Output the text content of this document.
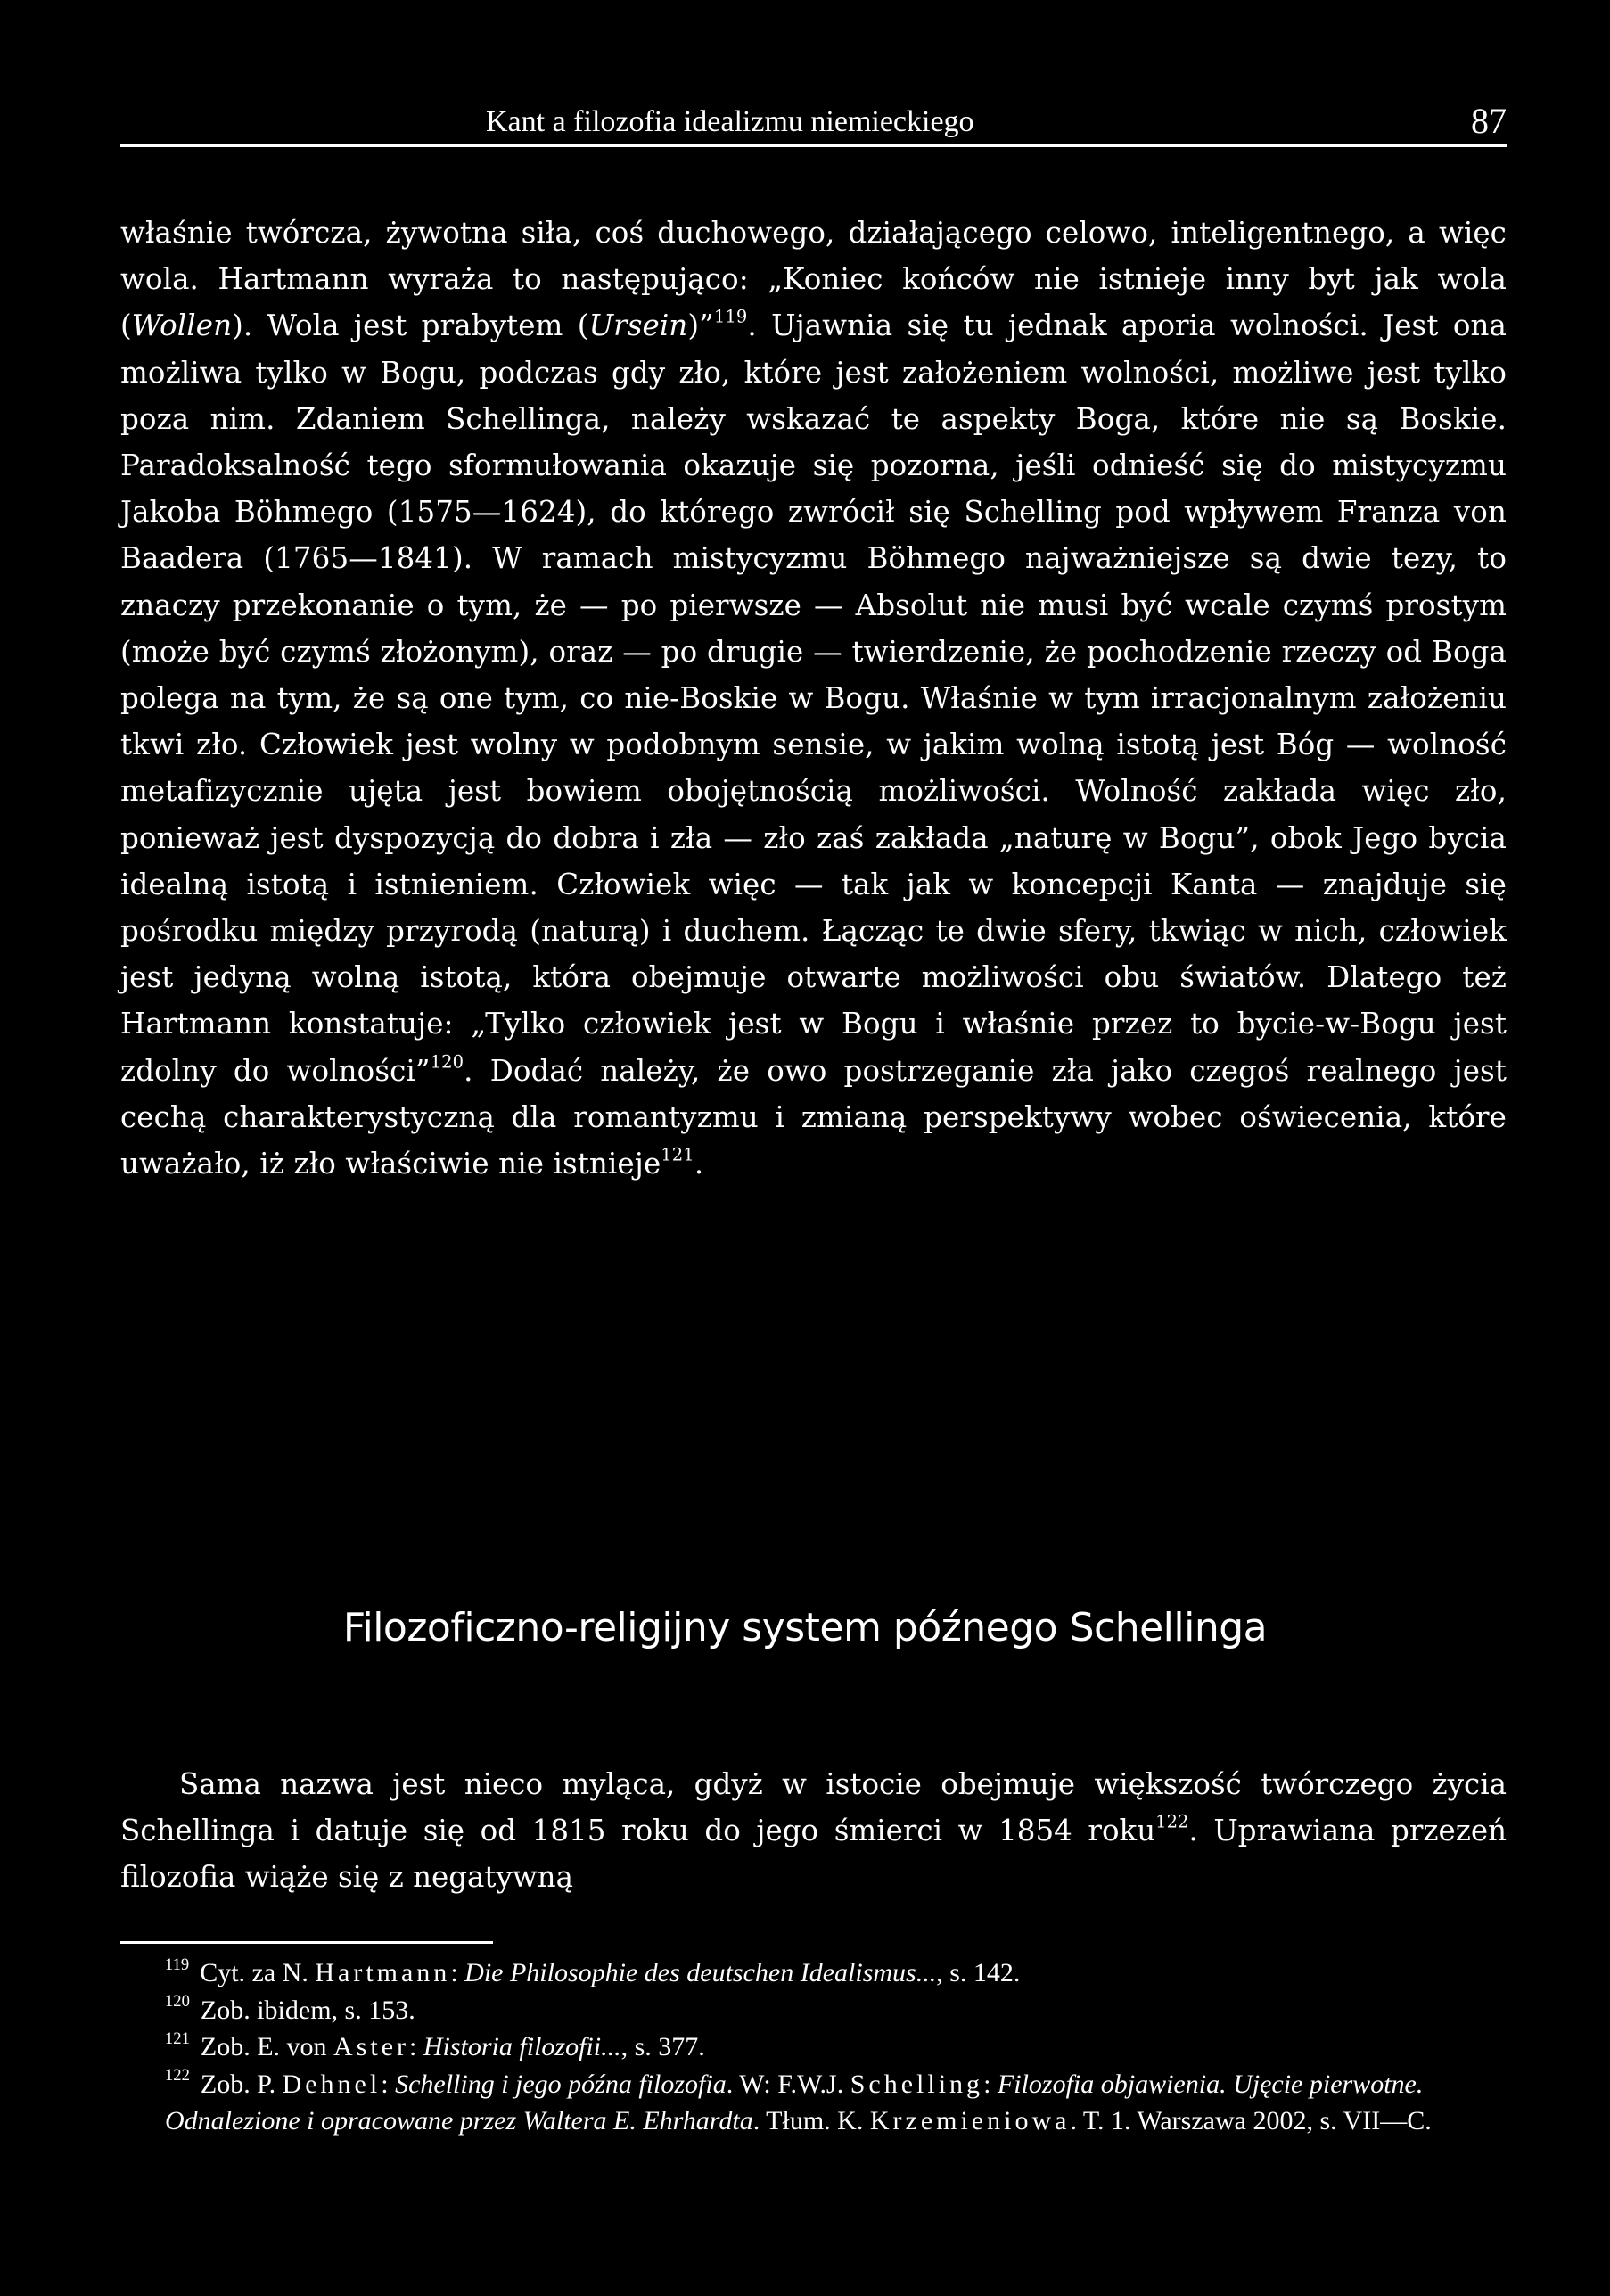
Kant a filozofia idealizmu niemieckiego	87

właśnie twórcza, żywotna siła, coś duchowego, działającego celowo, inteligentnego, a więc wola. Hartmann wyraża to następująco: „Koniec końców nie istnieje inny byt jak wola (Wollen). Wola jest prabytem (Ursein)”$^{119}$. Ujawnia się tu jednak aporia wolności. Jest ona możliwa tylko w Bogu, podczas gdy zło, które jest założeniem wolności, możliwe jest tylko poza nim. Zdaniem Schellinga, należy wskazać te aspekty Boga, które nie są Boskie. Paradoksalność tego sformułowania okazuje się pozorna, jeśli odnieść się do mistycyzmu Jakoba Böhmego (1575—1624), do którego zwrócił się Schelling pod wpływem Franza von Baadera (1765—1841). W ramach mistycyzmu Böhmego najważniejsze są dwie tezy, to znaczy przekonanie o tym, że — po pierwsze — Absolut nie musi być wcale czymś prostym (może być czymś złożonym), oraz — po drugie — twierdzenie, że pochodzenie rzeczy od Boga polega na tym, że są one tym, co nie-Boskie w Bogu. Właśnie w tym irracjonalnym założeniu tkwi zło. Człowiek jest wolny w podobnym sensie, w jakim wolną istotą jest Bóg — wolność metafizycznie ujęta jest bowiem obojętnością możliwości. Wolność zakłada więc zło, ponieważ jest dyspozycją do dobra i zła — zło zaś zakłada „naturę w Bogu”, obok Jego bycia idealną istotą i istnieniem. Człowiek więc — tak jak w koncepcji Kanta — znajduje się pośrodku między przyrodą (naturą) i duchem. Łącząc te dwie sfery, tkwiąc w nich, człowiek jest jedyną wolną istotą, która obejmuje otwarte możliwości obu światów. Dlatego też Hartmann konstatuje: „Tylko człowiek jest w Bogu i właśnie przez to bycie-w-Bogu jest zdolny do wolności”$^{120}$. Dodać należy, że owo postrzeganie zła jako czegoś realnego jest cechą charakterystyczną dla romantyzmu i zmianą perspektywy wobec oświecenia, które uważało, iż zło właściwie nie istnieje$^{121}$.

Filozoficzno-religijny system późnego Schellinga

Sama nazwa jest nieco myląca, gdyż w istocie obejmuje większość twórczego życia Schellinga i datuje się od 1815 roku do jego śmierci w 1854 roku$^{122}$. Uprawiana przezeń filozofia wiąże się z negatywną

$^{119}$ Cyt. za N. Hartmann: Die Philosophie des deutschen Idealismus..., s. 142.

$^{120}$ Zob. ibidem, s. 153.

$^{121}$ Zob. E. von Aster: Historia filozofii..., s. 377.

$^{122}$ Zob. P. Dehnel: Schelling i jego późna filozofia. W: F.W.J. Schelling: Filozofia objawienia. Ujęcie pierwotne. Odnalezione i opracowane przez Waltera E. Ehrhardta. Tłum. K. Krzemieniowa. T. 1. Warszawa 2002, s. VII—C.
